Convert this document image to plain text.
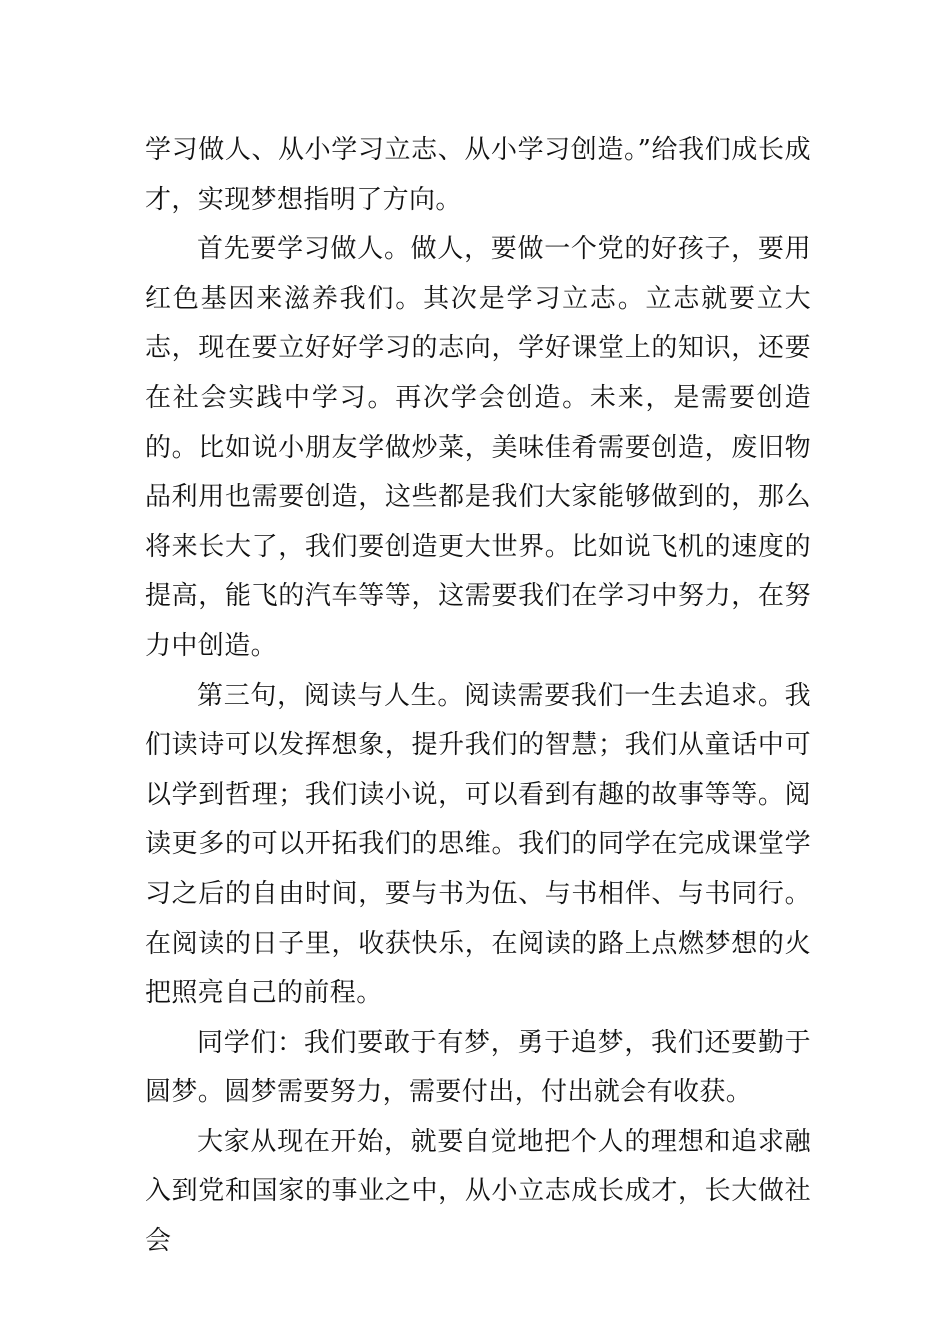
学习做人、从小学习立志、从小学习创造。”给我们成长成才，实现梦想指明了方向。

首先要学习做人。做人，要做一个党的好孩子，要用红色基因来滋养我们。其次是学习立志。立志就要立大志，现在要立好好学习的志向，学好课堂上的知识，还要在社会实践中学习。再次学会创造。未来，是需要创造的。比如说小朋友学做炒菜，美味佳肴需要创造，废旧物品利用也需要创造，这些都是我们大家能够做到的，那么将来长大了，我们要创造更大世界。比如说飞机的速度的提高，能飞的汽车等等，这需要我们在学习中努力，在努力中创造。

第三句，阅读与人生。阅读需要我们一生去追求。我们读诗可以发挥想象，提升我们的智慧；我们从童话中可以学到哲理；我们读小说，可以看到有趣的故事等等。阅读更多的可以开拓我们的思维。我们的同学在完成课堂学习之后的自由时间，要与书为伍、与书相伴、与书同行。在阅读的日子里，收获快乐，在阅读的路上点燃梦想的火把照亮自己的前程。

同学们：我们要敢于有梦，勇于追梦，我们还要勤于圆梦。圆梦需要努力，需要付出，付出就会有收获。

大家从现在开始，就要自觉地把个人的理想和追求融入到党和国家的事业之中，从小立志成长成才，长大做社会
